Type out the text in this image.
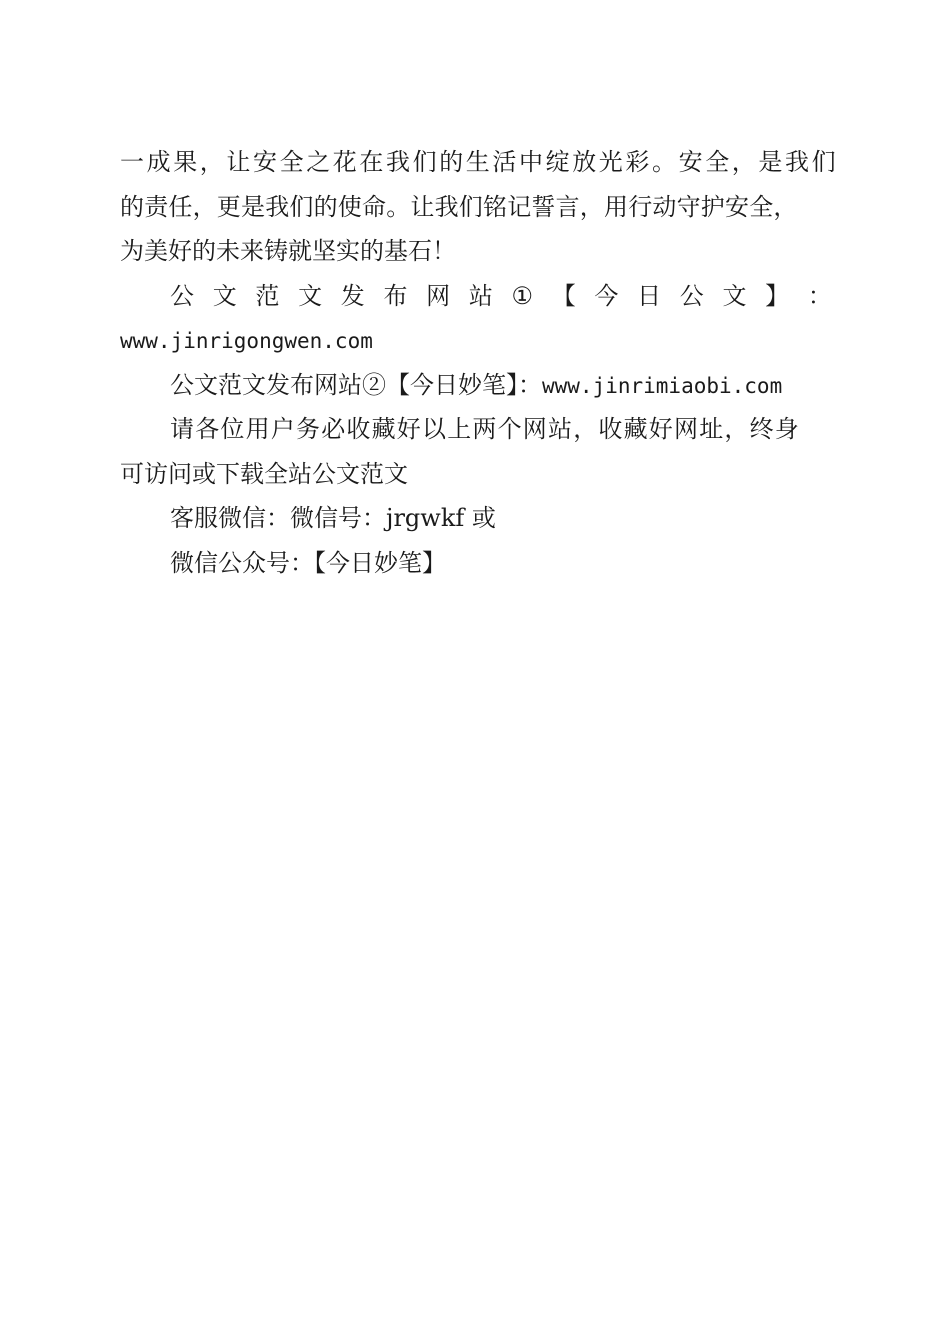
一成果，让安全之花在我们的生活中绽放光彩。安全，是我们
的责任，更是我们的使命。让我们铭记誓言，用行动守护安全，
为美好的未来铸就坚实的基石！
公 文 范 文 发 布 网 站 ① 【 今 日 公 文 】 ：
www.jinrigongwen.com
公文范文发布网站②【今日妙笔】：www.jinrimiaobi.com
请各位用户务必收藏好以上两个网站，收藏好网址，终身
可访问或下载全站公文范文
客服微信：微信号：jrgwkf 或
微信公众号：【今日妙笔】
